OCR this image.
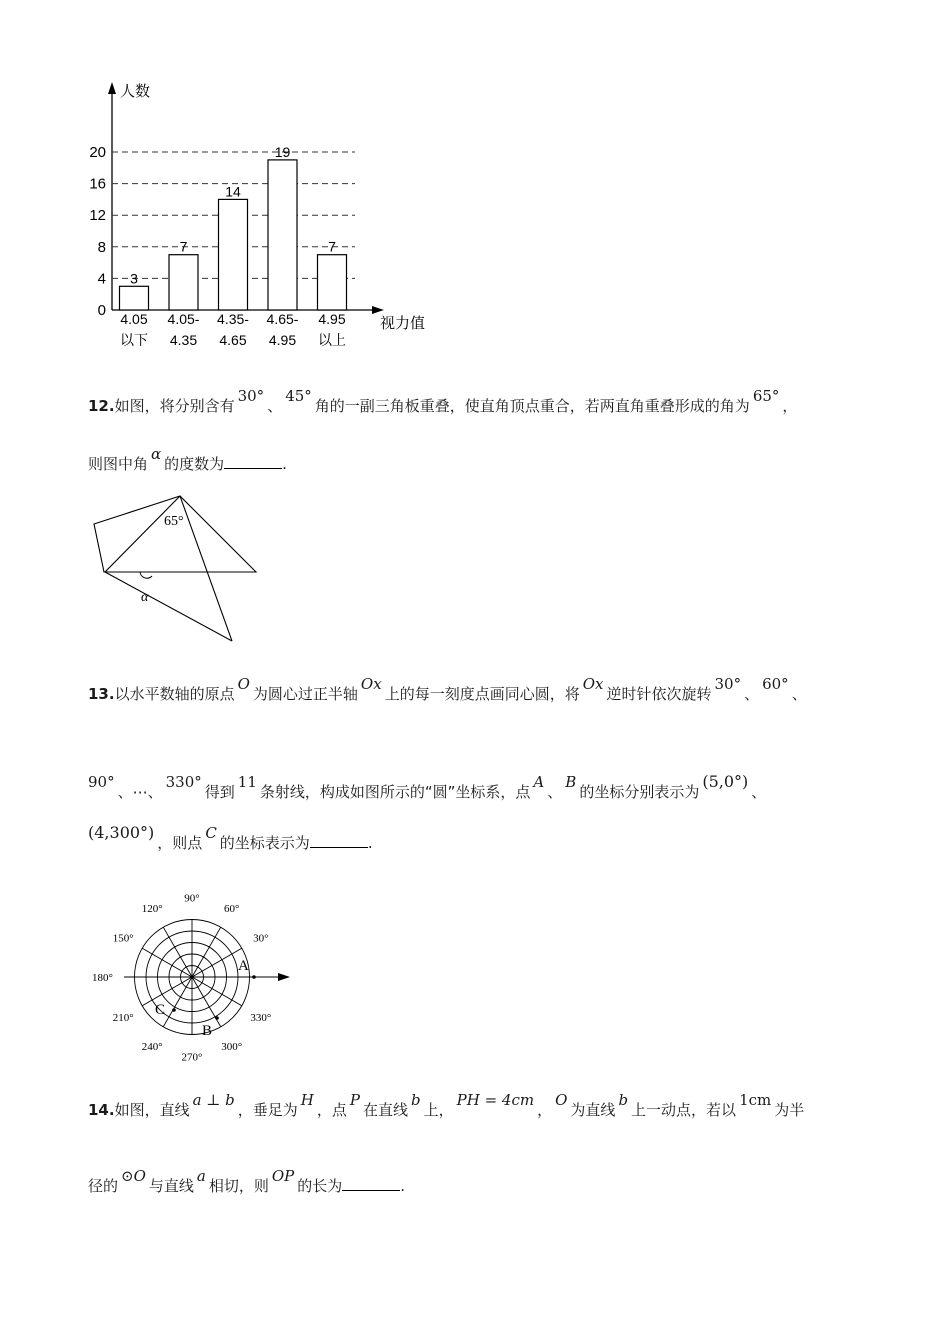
人数
视力值
0
4
8
12
16
20
3
7
14
19
7
4.05
以下
4.05-
4.35
4.35-
4.65
4.65-
4.95
4.95
以上
12.如图，将分别含有30°、45°角的一副三角板重叠，使直角顶点重合，若两直角重叠形成的角为65°，
则图中角α的度数为	.
65°
α
13.以水平数轴的原点O为圆心过正半轴Ox上的每一刻度点画同心圆，将Ox逆时针依次旋转30°、60°、
90°、⋯、330°得到11条射线，构成如图所示的“圆”坐标系，点A、B的坐标分别表示为(5,0°)、
(4,300°)，则点C的坐标表示为	.
90°
60°
30°
120°
150°
180°
210°
240°
270°
300°
330°
A
B
C
14.如图，直线a ⊥ b，垂足为H，点P在直线b上，PH = 4cm，O为直线b上一动点，若以1cm为半
径的⊙O与直线a相切，则OP的长为	.
